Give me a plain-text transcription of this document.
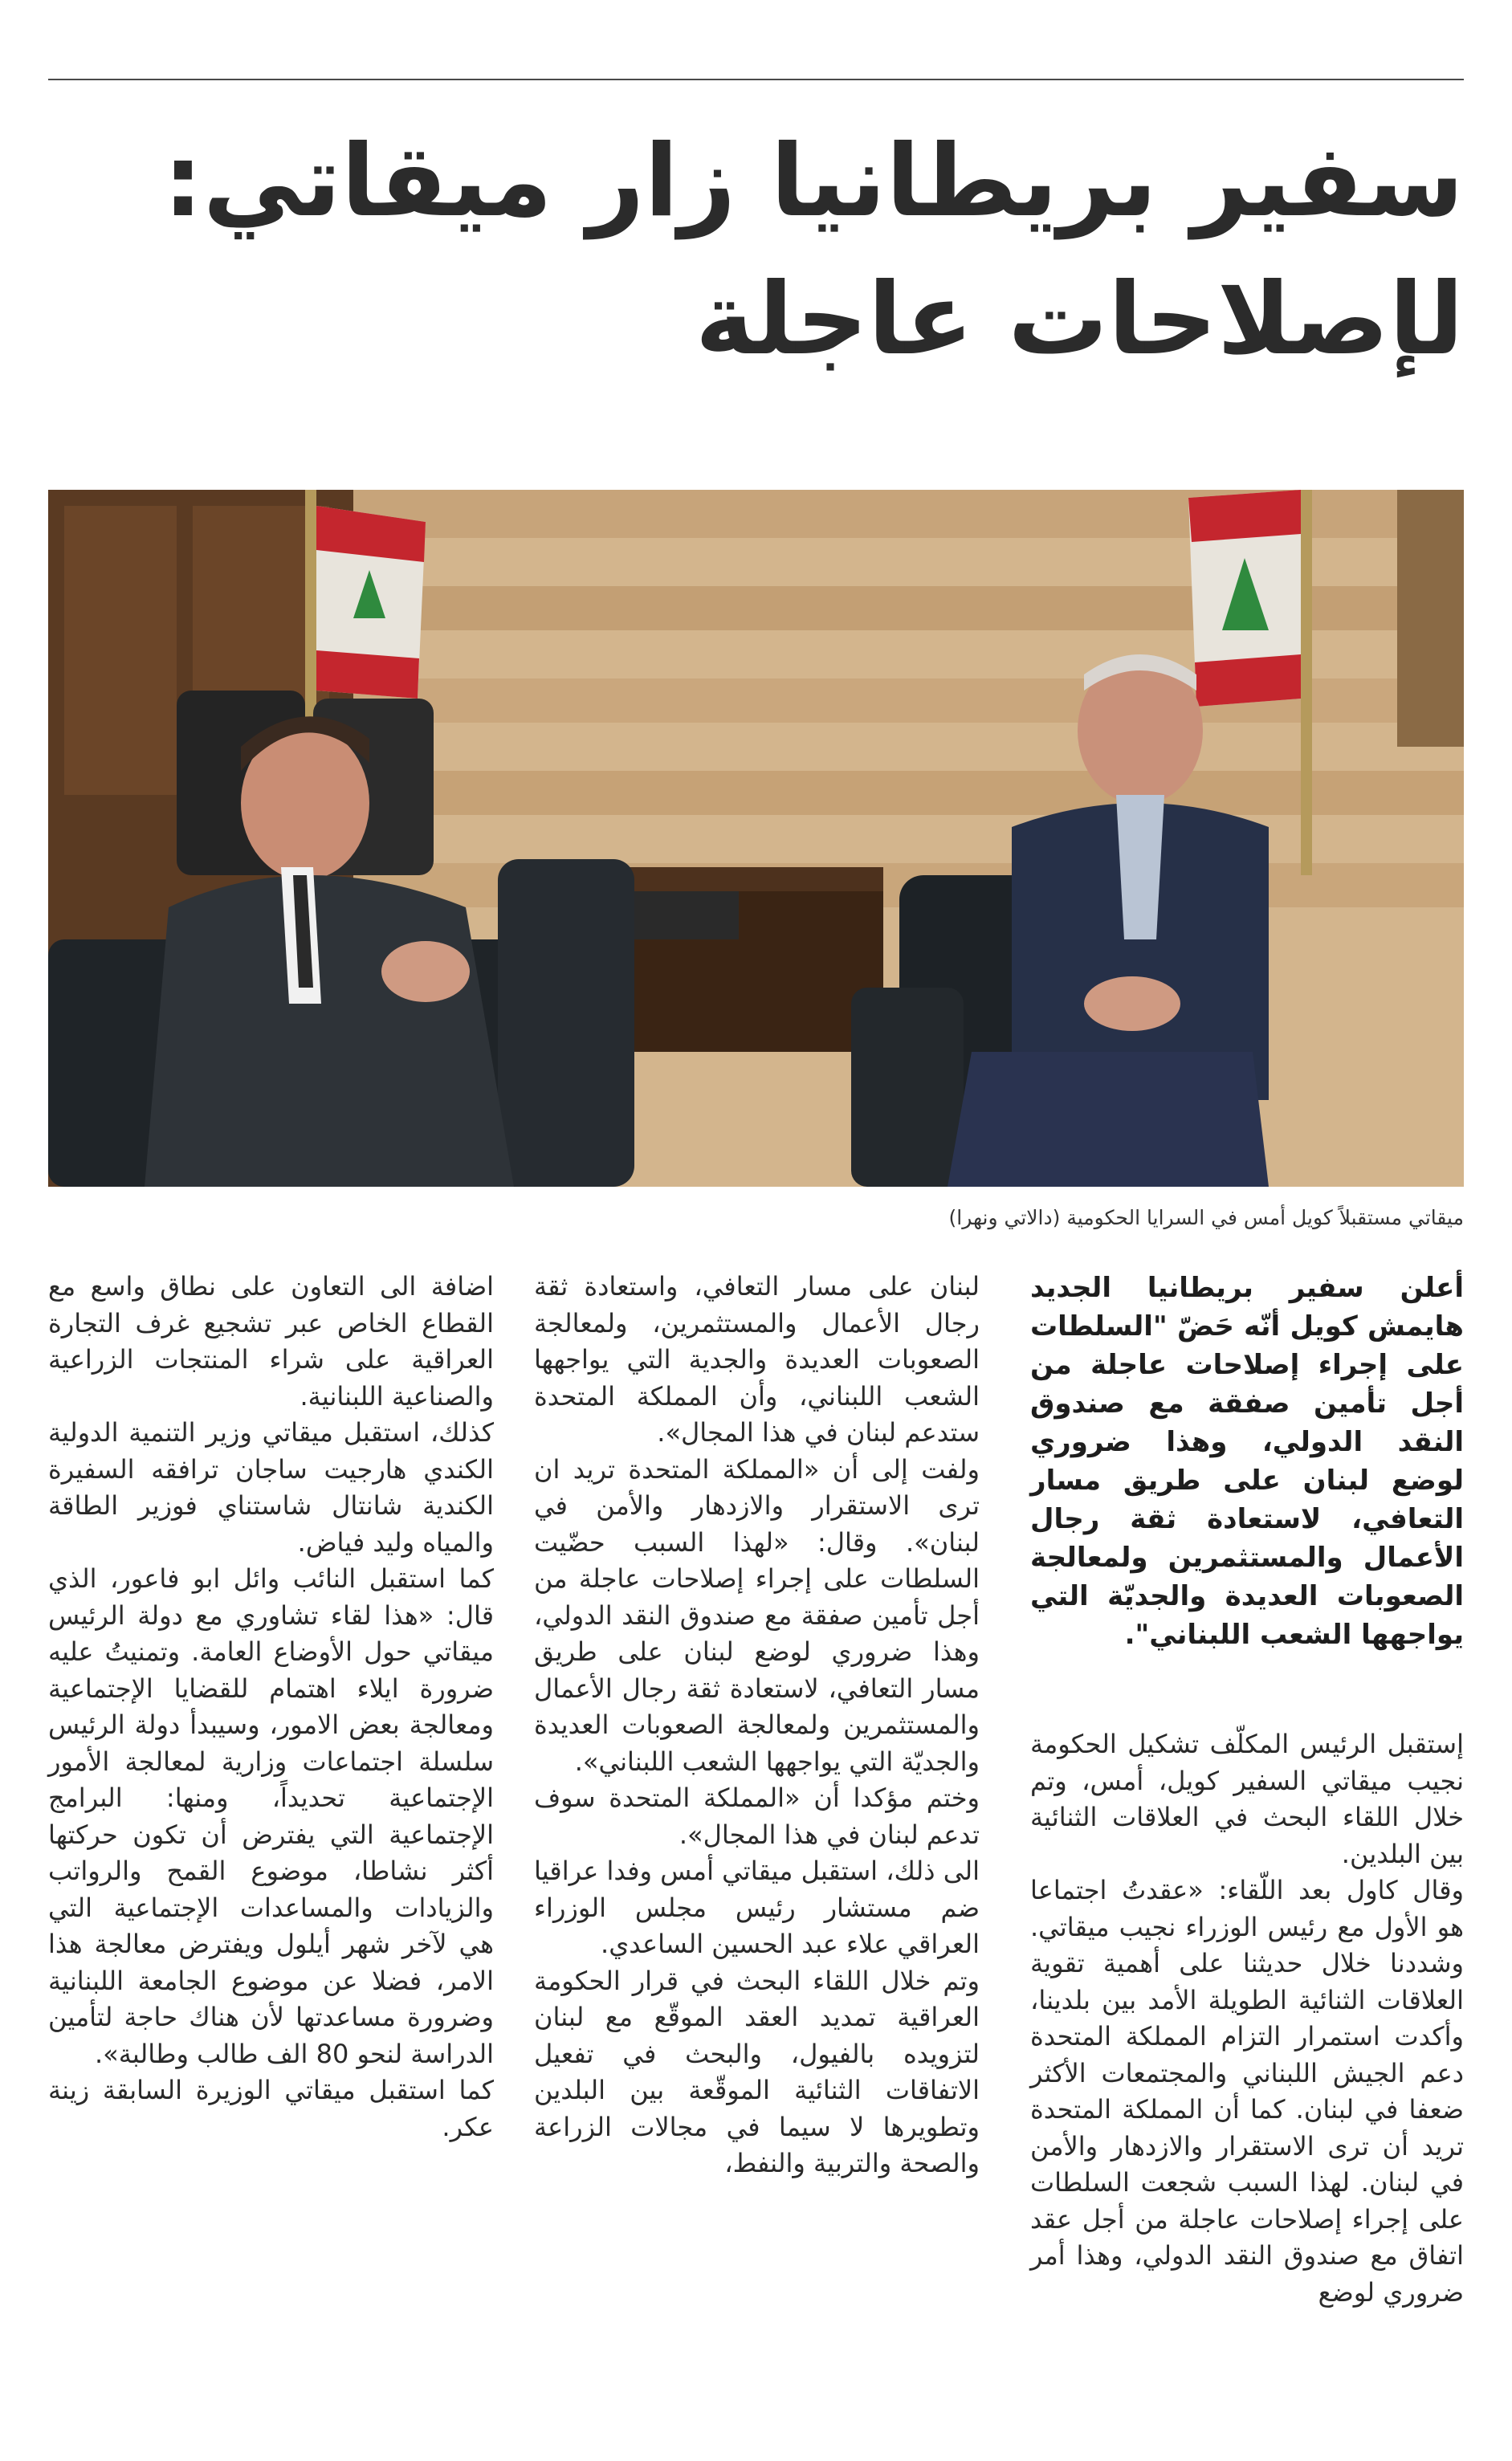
سفير بريطانيا زار ميقاتي:
لإصلاحات عاجلة
ميقاتي مستقبلاً كويل أمس في السرايا الحكومية (دالاتي ونهرا)

أعلن سفير بريطانيا الجديد هايمش كويل أنّه حَضّ "السلطات على إجراء إصلاحات عاجلة من أجل تأمين صفقة مع صندوق النقد الدولي، وهذا ضروري لوضع لبنان على طريق مسار التعافي، لاستعادة ثقة رجال الأعمال والمستثمرين ولمعالجة الصعوبات العديدة والجديّة التي يواجهها الشعب اللبناني".

إستقبل الرئيس المكلّف تشكيل الحكومة نجيب ميقاتي السفير كويل، أمس، وتم خلال اللقاء البحث في العلاقات الثنائية بين البلدين.

وقال كاول بعد اللّقاء: «عقدتُ اجتماعا هو الأول مع رئيس الوزراء نجيب ميقاتي. وشددنا خلال حديثنا على أهمية تقوية العلاقات الثنائية الطويلة الأمد بين بلدينا، وأكدت استمرار التزام المملكة المتحدة دعم الجيش اللبناني والمجتمعات الأكثر ضعفا في لبنان. كما أن المملكة المتحدة تريد أن ترى الاستقرار والازدهار والأمن في لبنان. لهذا السبب شجعت السلطات على إجراء إصلاحات عاجلة من أجل عقد اتفاق مع صندوق النقد الدولي، وهذا أمر ضروري لوضع

لبنان على مسار التعافي، واستعادة ثقة رجال الأعمال والمستثمرين، ولمعالجة الصعوبات العديدة والجدية التي يواجهها الشعب اللبناني، وأن المملكة المتحدة ستدعم لبنان في هذا المجال».

ولفت إلى أن «المملكة المتحدة تريد ان ترى الاستقرار والازدهار والأمن في لبنان». وقال: «لهذا السبب حضّيت السلطات على إجراء إصلاحات عاجلة من أجل تأمين صفقة مع صندوق النقد الدولي، وهذا ضروري لوضع لبنان على طريق مسار التعافي، لاستعادة ثقة رجال الأعمال والمستثمرين ولمعالجة الصعوبات العديدة والجديّة التي يواجهها الشعب اللبناني».

وختم مؤكدا أن «المملكة المتحدة سوف تدعم لبنان في هذا المجال».

الى ذلك، استقبل ميقاتي أمس وفدا عراقيا ضم مستشار رئيس مجلس الوزراء العراقي علاء عبد الحسين الساعدي.

وتم خلال اللقاء البحث في قرار الحكومة العراقية تمديد العقد الموقّع مع لبنان لتزويده بالفيول، والبحث في تفعيل الاتفاقات الثنائية الموقّعة بين البلدين وتطويرها لا سيما في مجالات الزراعة والصحة والتربية والنفط،

اضافة الى التعاون على نطاق واسع مع القطاع الخاص عبر تشجيع غرف التجارة العراقية على شراء المنتجات الزراعية والصناعية اللبنانية.

كذلك، استقبل ميقاتي وزير التنمية الدولية الكندي هارجيت ساجان ترافقه السفيرة الكندية شانتال شاستناي فوزير الطاقة والمياه وليد فياض.

كما استقبل النائب وائل ابو فاعور، الذي قال: «هذا لقاء تشاوري مع دولة الرئيس ميقاتي حول الأوضاع العامة. وتمنيتُ عليه ضرورة ايلاء اهتمام للقضايا الإجتماعية ومعالجة بعض الامور، وسيبدأ دولة الرئيس سلسلة اجتماعات وزارية لمعالجة الأمور الإجتماعية تحديداً، ومنها: البرامج الإجتماعية التي يفترض أن تكون حركتها أكثر نشاطا، موضوع القمح والرواتب والزيادات والمساعدات الإجتماعية التي هي لآخر شهر أيلول ويفترض معالجة هذا الامر، فضلا عن موضوع الجامعة اللبنانية وضرورة مساعدتها لأن هناك حاجة لتأمين الدراسة لنحو 80 الف طالب وطالبة».

كما استقبل ميقاتي الوزيرة السابقة زينة عكر.
